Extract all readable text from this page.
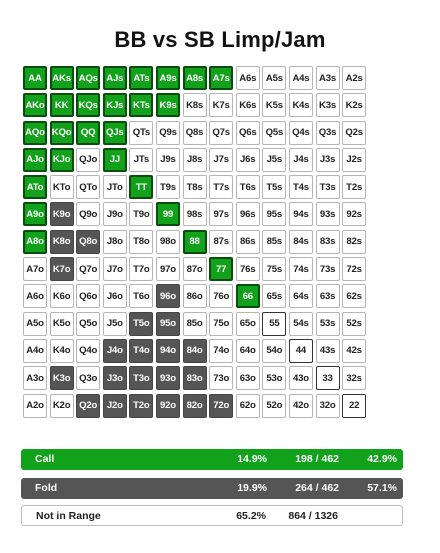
BB vs SB Limp/Jam
AA	AKs AQs AJs	ATs	A9s A8s A7s A6s A5s A4s A3s A2s
AKo	KK	KQs KJs	KTs	K9s K8s K7s K6s K5s K4s K3s K2s
AQo KQo QQ	QJs QTs Q9s Q8s Q7s Q6s Q5s Q4s Q3s Q2s
AJo KJo QJo	JJ	JTs	J9s	J8s	J7s	J6s	J5s	J4s	J3s	J2s
ATo	KTo QTo	JTo	TT	T9s	T8s	T7s	T6s	T5s	T4s	T3s	T2s
A9o K9o Q9o J9o	T9o	99	98s	97s	96s	95s	94s	93s	92s
A8o K8o Q8o J8o	T8o	98o	88	87s	86s	85s	84s	83s	82s
A7o K7o Q7o J7o	T7o	97o	87o	77	76s	75s	74s	73s	72s
A6o K6o Q6o J6o	T6o	96o	86o	76o	66	65s	64s	63s	62s
A5o K5o Q5o J5o	T5o	95o	85o	75o	65o	55	54s	53s	52s
A4o K4o Q4o J4o	T4o	94o	84o	74o	64o	54o	44	43s	42s
A3o K3o Q3o J3o	T3o	93o	83o	73o	63o	53o	43o	33	32s
A2o K2o Q2o J2o	T2o	92o	82o	72o	62o	52o	42o	32o	22
Call	14.9%	198 / 462	42.9%
Fold	19.9%	264 / 462	57.1%
Not in Range	65.2% 864 / 1326
